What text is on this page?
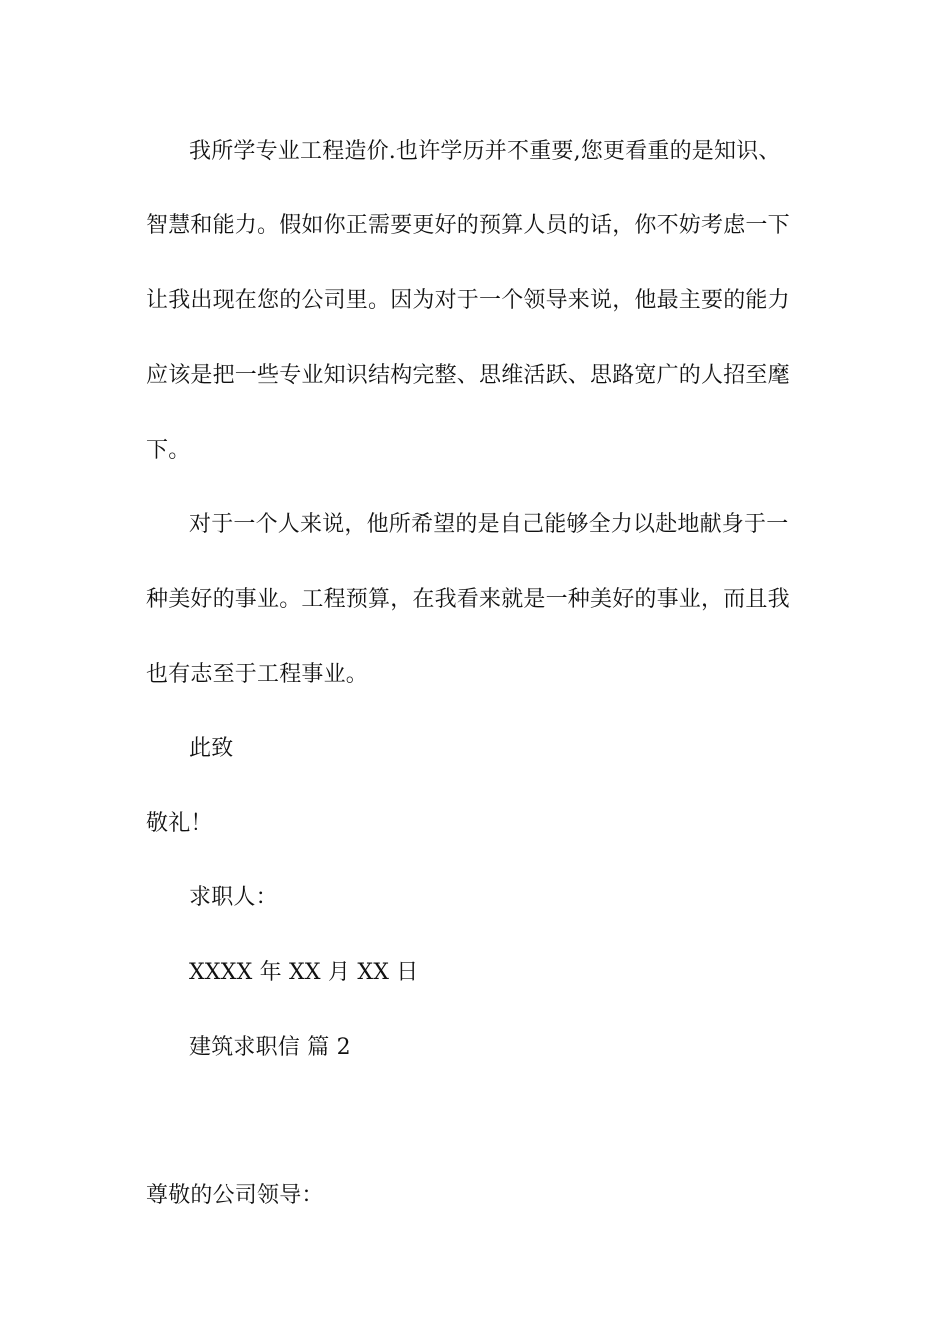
我所学专业工程造价.也许学历并不重要,您更看重的是知识、
智慧和能力。假如你正需要更好的预算人员的话，你不妨考虑一下
让我出现在您的公司里。因为对于一个领导来说，他最主要的能力
应该是把一些专业知识结构完整、思维活跃、思路宽广的人招至麾
下。
对于一个人来说，他所希望的是自己能够全力以赴地献身于一
种美好的事业。工程预算，在我看来就是一种美好的事业，而且我
也有志至于工程事业。
此致
敬礼！
求职人：
XXXX 年 XX 月 XX 日
建筑求职信 篇 2
尊敬的公司领导：
